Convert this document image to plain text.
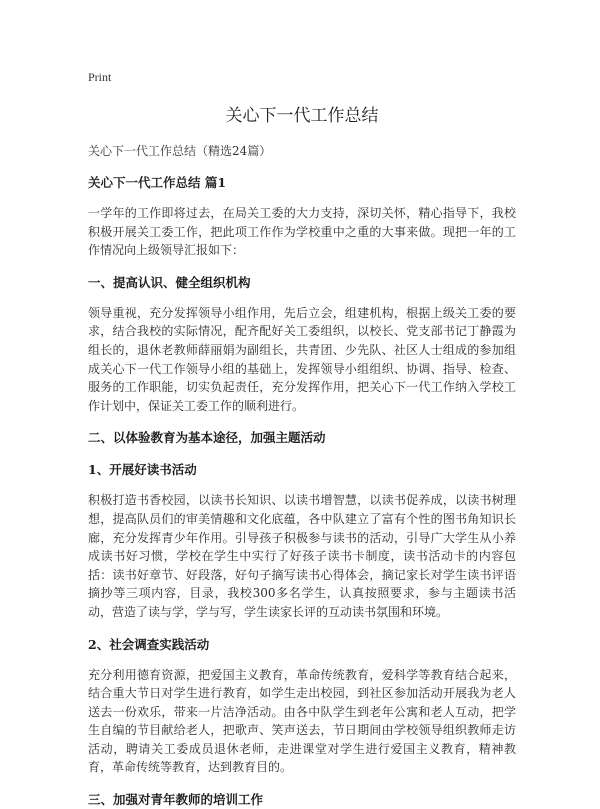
Print

关心下一代工作总结

关心下一代工作总结（精选24篇）

关心下一代工作总结 篇1

一学年的工作即将过去，在局关工委的大力支持，深切关怀，精心指导下，我校积极开展关工委工作，把此项工作作为学校重中之重的大事来做。现把一年的工作情况向上级领导汇报如下：

一、提高认识、健全组织机构

领导重视，充分发挥领导小组作用，先后立会，组建机构，根据上级关工委的要求，结合我校的实际情况，配齐配好关工委组织，以校长、党支部书记丁静霞为组长的，退休老教师薛丽娟为副组长，共青团、少先队、社区人士组成的参加组成关心下一代工作领导小组的基础上，发挥领导小组组织、协调、指导、检查、服务的工作职能，切实负起责任，充分发挥作用，把关心下一代工作纳入学校工作计划中，保证关工委工作的顺利进行。

二、以体验教育为基本途径，加强主题活动

1、开展好读书活动

积极打造书香校园，以读书长知识、以读书增智慧，以读书促养成，以读书树理想，提高队员们的审美情趣和文化底蕴，各中队建立了富有个性的图书角知识长廊，充分发挥青少年作用。引导孩子积极参与读书的活动，引导广大学生从小养成读书好习惯，学校在学生中实行了好孩子读书卡制度，读书活动卡的内容包括：读书好章节、好段落，好句子摘写读书心得体会，摘记家长对学生读书评语摘抄等三项内容，目录，我校300多名学生，认真按照要求，参与主题读书活动，营造了读与学，学与写，学生读家长评的互动读书氛围和环境。

2、社会调查实践活动

充分利用德育资源，把爱国主义教育，革命传统教育，爱科学等教育结合起来，结合重大节日对学生进行教育，如学生走出校园，到社区参加活动开展我为老人送去一份欢乐，带来一片洁净活动。由各中队学生到老年公寓和老人互动，把学生自编的节目献给老人，把歌声、笑声送去，节日期间由学校领导组织教师走访活动，聘请关工委成员退休老师，走进课堂对学生进行爱国主义教育，精神教育，革命传统等教育，达到教育目的。

三、加强对青年教师的培训工作
